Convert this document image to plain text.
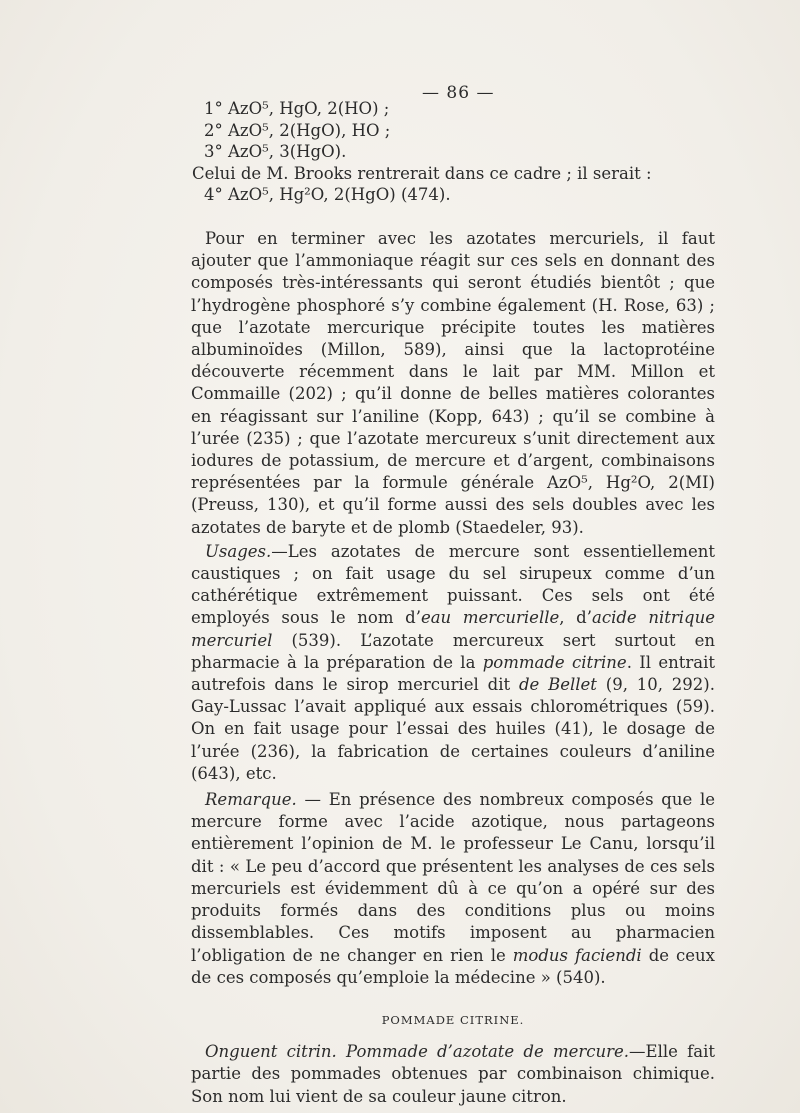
— 86 —
1° AzO⁵, HgO, 2(HO) ;
2° AzO⁵, 2(HgO), HO ;
3° AzO⁵, 3(HgO).
Celui de M. Brooks rentrerait dans ce cadre ; il serait :
4° AzO⁵, Hg²O, 2(HgO) (474).

Pour en terminer avec les azotates mercuriels, il faut ajouter que l’ammoniaque réagit sur ces sels en donnant des composés très-intéressants qui seront étudiés bientôt ; que l’hydrogène phosphoré s’y combine également (H. Rose, 63) ; que l’azotate mercurique précipite toutes les matières albuminoïdes (Millon, 589), ainsi que la lactoprotéine découverte récemment dans le lait par MM. Millon et Commaille (202) ; qu’il donne de belles matières colorantes en réagissant sur l’aniline (Kopp, 643) ; qu’il se combine à l’urée (235) ; que l’azotate mercureux s’unit directement aux iodures de potassium, de mercure et d’argent, combinaisons représentées par la formule générale AzO⁵, Hg²O, 2(MI) (Preuss, 130), et qu’il forme aussi des sels doubles avec les azotates de baryte et de plomb (Staedeler, 93).

Usages.—Les azotates de mercure sont essentiellement caustiques ; on fait usage du sel sirupeux comme d’un cathérétique extrêmement puissant. Ces sels ont été employés sous le nom d’eau mercurielle, d’acide nitrique mercuriel (539). L’azotate mercureux sert surtout en pharmacie à la préparation de la pommade citrine. Il entrait autrefois dans le sirop mercuriel dit de Bellet (9, 10, 292). Gay-Lussac l’avait appliqué aux essais chlorométriques (59). On en fait usage pour l’essai des huiles (41), le dosage de l’urée (236), la fabrication de certaines couleurs d’aniline (643), etc.

Remarque. — En présence des nombreux composés que le mercure forme avec l’acide azotique, nous partageons entièrement l’opinion de M. le professeur Le Canu, lorsqu’il dit : « Le peu d’accord que présentent les analyses de ces sels mercuriels est évidemment dû à ce qu’on a opéré sur des produits formés dans des conditions plus ou moins dissemblables. Ces motifs imposent au pharmacien l’obligation de ne changer en rien le modus faciendi de ceux de ces composés qu’emploie la médecine » (540).

POMMADE CITRINE.

Onguent citrin. Pommade d’azotate de mercure.—Elle fait partie des pommades obtenues par combinaison chimique. Son nom lui vient de sa couleur jaune citron.
